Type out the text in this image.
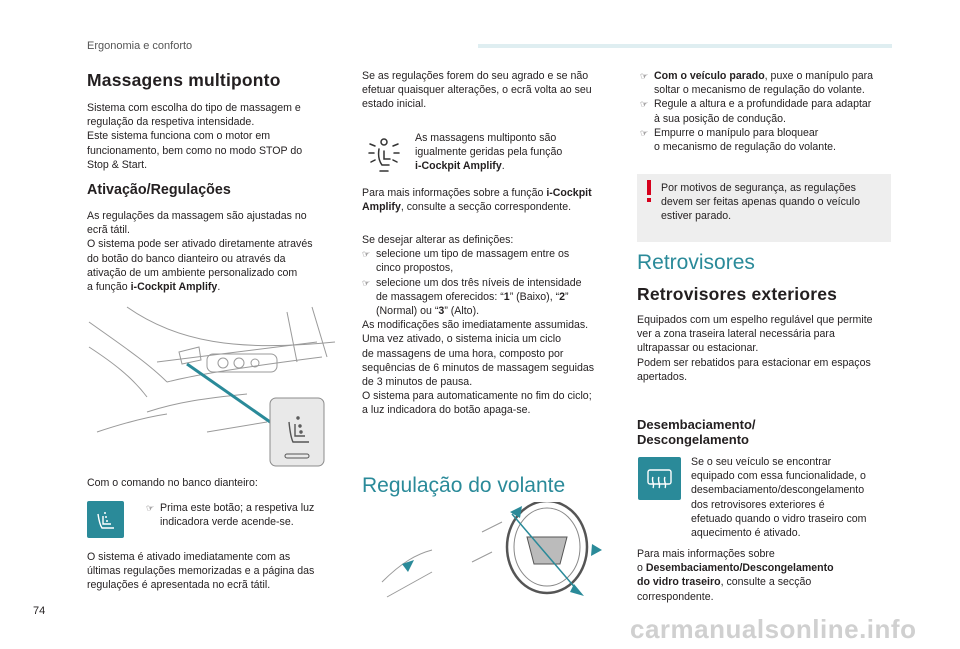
Ergonomia e conforto
Massagens multiponto
Sistema com escolha do tipo de massagem e
regulação da respetiva intensidade.
Este sistema funciona com o motor em
funcionamento, bem como no modo STOP do
Stop & Start.
Ativação/Regulações
As regulações da massagem são ajustadas no
ecrã tátil.
O sistema pode ser ativado diretamente através
do botão do banco dianteiro ou através da
ativação de um ambiente personalizado com
a função i-Cockpit Amplify.
Com o comando no banco dianteiro:
☞ Prima este botão; a respetiva luz
indicadora verde acende-se.
O sistema é ativado imediatamente com as
últimas regulações memorizadas e a página das
regulações é apresentada no ecrã tátil.
Se as regulações forem do seu agrado e se não
efetuar quaisquer alterações, o ecrã volta ao seu
estado inicial.
As massagens multiponto são
igualmente geridas pela função
i-Cockpit Amplify.
Para mais informações sobre a função i-Cockpit
Amplify, consulte a secção correspondente.
Se desejar alterar as definições:
☞ selecione um tipo de massagem entre os
cinco propostos,
☞ selecione um dos três níveis de intensidade
de massagem oferecidos: “1” (Baixo), “2”
(Normal) ou “3” (Alto).
As modificações são imediatamente assumidas.
Uma vez ativado, o sistema inicia um ciclo
de massagens de uma hora, composto por
sequências de 6 minutos de massagem seguidas
de 3 minutos de pausa.
O sistema para automaticamente no fim do ciclo;
a luz indicadora do botão apaga-se.
Regulação do volante
☞ Com o veículo parado, puxe o manípulo para
soltar o mecanismo de regulação do volante.
☞ Regule a altura e a profundidade para adaptar
à sua posição de condução.
☞ Empurre o manípulo para bloquear
o mecanismo de regulação do volante.
Por motivos de segurança, as regulações
devem ser feitas apenas quando o veículo
estiver parado.
Retrovisores
Retrovisores exteriores
Equipados com um espelho regulável que permite
ver a zona traseira lateral necessária para
ultrapassar ou estacionar.
Podem ser rebatidos para estacionar em espaços
apertados.
Desembaciamento/
Descongelamento
Se o seu veículo se encontrar
equipado com essa funcionalidade, o
desembaciamento/descongelamento
dos retrovisores exteriores é
efetuado quando o vidro traseiro com
aquecimento é ativado.
Para mais informações sobre
o Desembaciamento/Descongelamento
do vidro traseiro, consulte a secção
correspondente.
74
carmanualsonline.info
